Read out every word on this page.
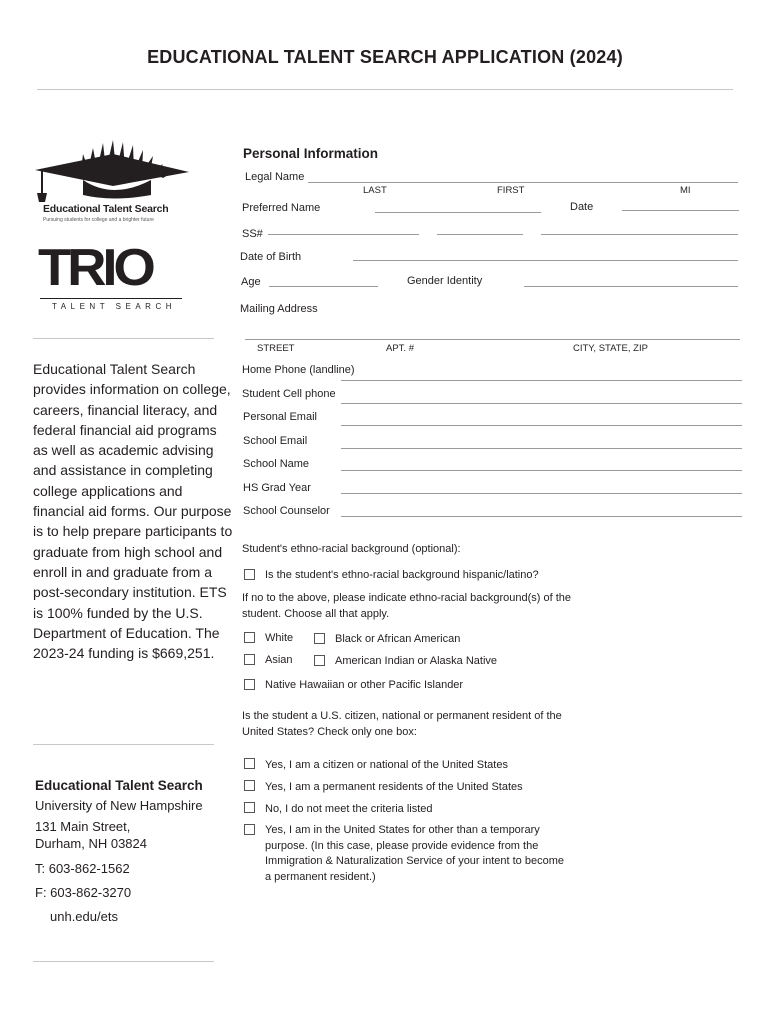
EDUCATIONAL TALENT SEARCH APPLICATION (2024)
Educational Talent Search
Pursuing students for college and a brighter future
TRIO
TALENT SEARCH
Educational Talent Search provides information on college, careers, financial literacy, and federal financial aid programs as well as academic advising and assistance in completing college applications and financial aid forms. Our purpose is to help prepare participants to graduate from high school and enroll in and graduate from a post-secondary institution. ETS is 100% funded by the U.S. Department of Education. The 2023-24 funding is $669,251.
Educational Talent Search
University of New Hampshire
131 Main Street,
Durham, NH 03824
T: 603-862-1562
F: 603-862-3270
unh.edu/ets
Personal Information
Legal Name
LAST	FIRST	MI
Preferred Name	Date
SS#
Date of Birth
Age	Gender Identity
Mailing Address
STREET	APT. #	CITY, STATE, ZIP
Home Phone (landline)
Student Cell phone
Personal Email
School Email
School Name
HS Grad Year
School Counselor
Student's ethno-racial background (optional):
Is the student's ethno-racial background hispanic/latino?
If no to the above, please indicate ethno-racial background(s) of the student. Choose all that apply.
White	Black or African American
Asian	American Indian or Alaska Native
Native Hawaiian or other Pacific Islander
Is the student a U.S. citizen, national or permanent resident of the United States? Check only one box:
Yes, I am a citizen or national of the United States
Yes, I am a permanent residents of the United States
No, I do not meet the criteria listed
Yes, I am in the United States for other than a temporary purpose. (In this case, please provide evidence from the Immigration & Naturalization Service of your intent to become a permanent resident.)
